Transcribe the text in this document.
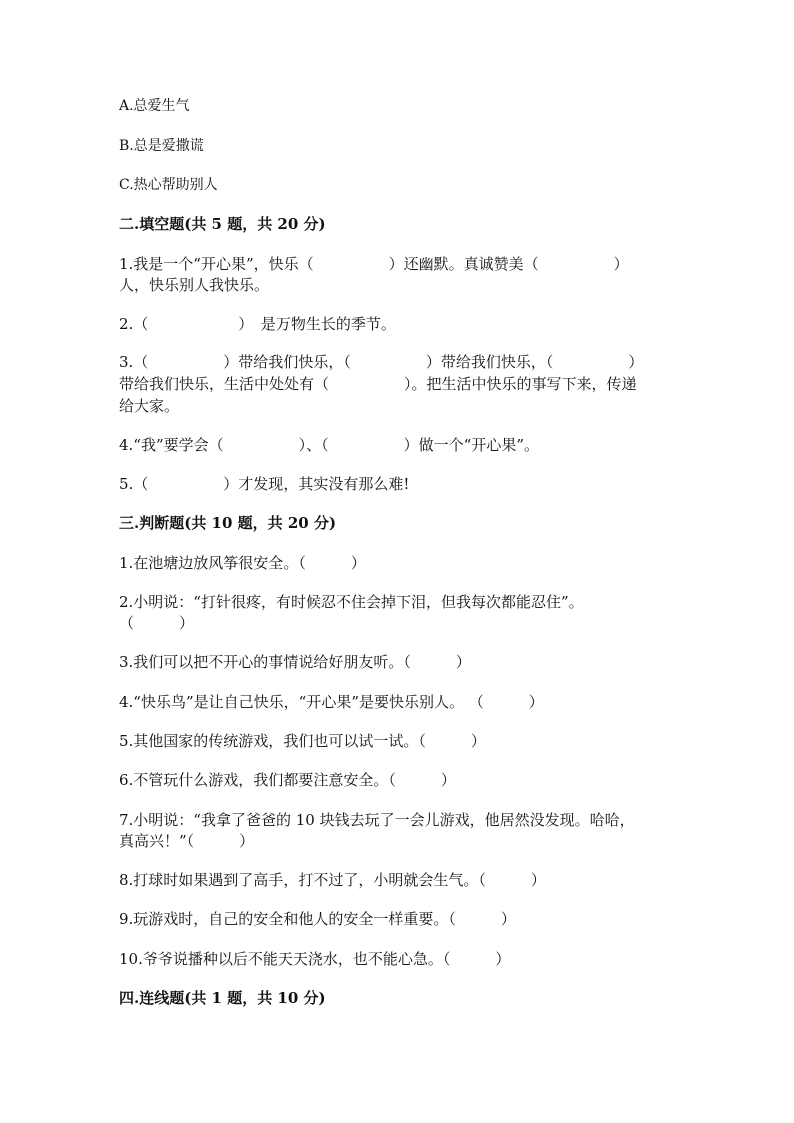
A.总爱生气
B.总是爱撒谎
C.热心帮助别人
二.填空题(共 5 题，共 20 分)
1.我是一个“开心果”，快乐（　　　　　）还幽默。真诚赞美（　　　　　）
人，快乐别人我快乐。
2.（　　　　　　）　是万物生长的季节。
3.（　　　　　）带给我们快乐，（　　　　　）带给我们快乐，（　　　　　）
带给我们快乐，生活中处处有（　　　　　）。把生活中快乐的事写下来，传递
给大家。
4.“我”要学会（　　　　　）、（　　　　　）做一个“开心果”。
5.（　　　　　）才发现，其实没有那么难!
三.判断题(共 10 题，共 20 分)
1.在池塘边放风筝很安全。（　　　）
2.小明说：“打针很疼，有时候忍不住会掉下泪，但我每次都能忍住”。
（　　　）
3.我们可以把不开心的事情说给好朋友听。（　　　）
4.“快乐鸟”是让自己快乐，“开心果”是要快乐别人。 （　　　）
5.其他国家的传统游戏，我们也可以试一试。（　　　）
6.不管玩什么游戏，我们都要注意安全。（　　　）
7.小明说：“我拿了爸爸的 10 块钱去玩了一会儿游戏，他居然没发现。哈哈，
真高兴！”（　　　）
8.打球时如果遇到了高手，打不过了，小明就会生气。（　　　）
9.玩游戏时，自己的安全和他人的安全一样重要。（　　　）
10.爷爷说播种以后不能天天浇水，也不能心急。（　　　）
四.连线题(共 1 题，共 10 分)
